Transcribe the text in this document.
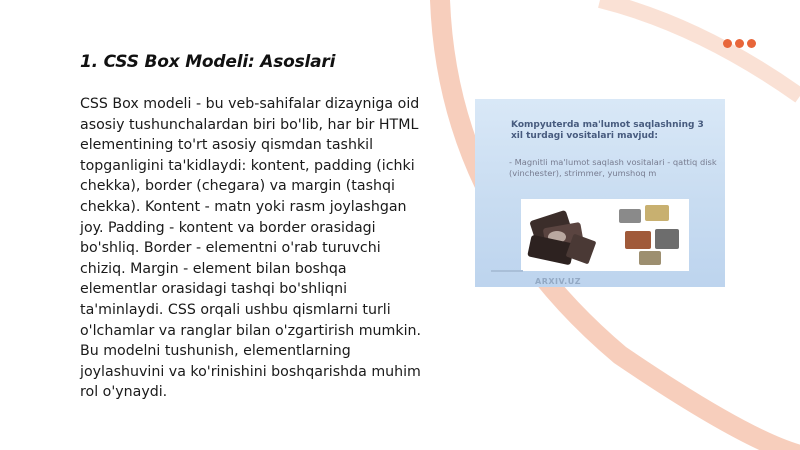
1. CSS Box Modeli: Asoslari

CSS Box modeli - bu veb-sahifalar dizayniga oid asosiy tushunchalardan biri bo'lib, har bir HTML elementining to'rt asosiy qismdan tashkil topganligini ta'kidlaydi: kontent, padding (ichki chekka), border (chegara) va margin (tashqi chekka). Kontent - matn yoki rasm joylashgan joy. Padding - kontent va border orasidagi bo'shliq. Border - elementni o'rab turuvchi chiziq. Margin - element bilan boshqa elementlar orasidagi tashqi bo'shliqni ta'minlaydi. CSS orqali ushbu qismlarni turli o'lchamlar va ranglar bilan o'zgartirish mumkin. Bu modelni tushunish, elementlarning joylashuvini va ko'rinishini boshqarishda muhim rol o'ynaydi.

Kompyuterda ma'lumot saqlashning 3 xil turdagi vositalari mavjud:
- Magnitli ma'lumot saqlash vositalari - qattiq disk (vinchester), strimmer, yumshoq m
ARXIV.UZ
